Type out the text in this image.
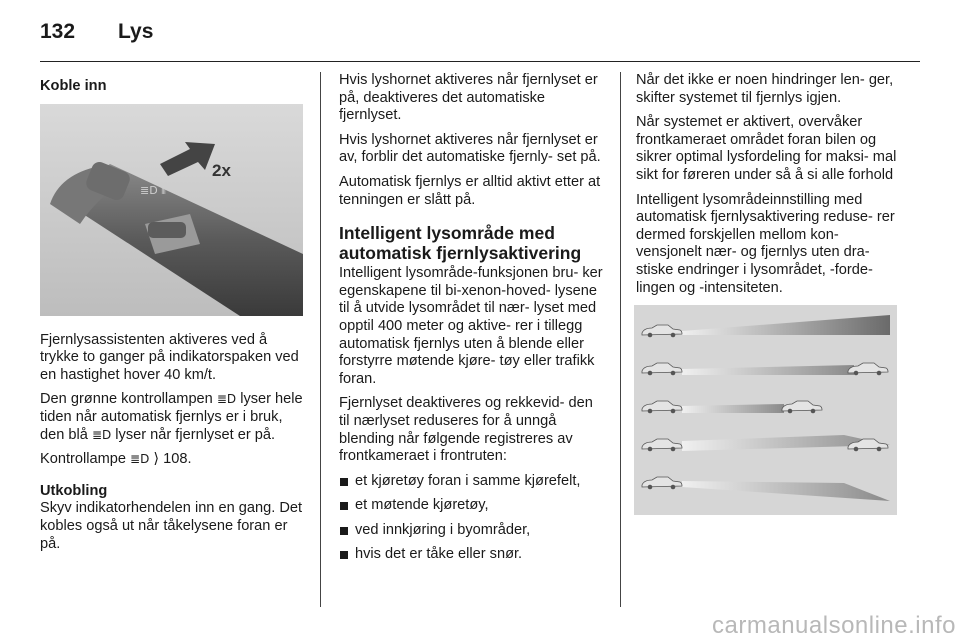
132 Lys
Koble inn
≣D ⦀
2x

Fjernlysassistenten aktiveres ved å trykke to ganger på indikatorspaken ved en hastighet hover 40 km/t.

Den grønne kontrollampen ≣D lyser hele tiden når automatisk fjernlys er i bruk, den blå ≣D lyser når fjernlyset er på.

Kontrollampe ≣D ⟩ 108.

Utkobling

Skyv indikatorhendelen inn en gang. Det kobles også ut når tåkelysene foran er på.

Hvis lyshornet aktiveres når fjernlyset er på, deaktiveres det automatiske fjernlyset.

Hvis lyshornet aktiveres når fjernlyset er av, forblir det automatiske fjernly- set på.

Automatisk fjernlys er alltid aktivt etter at tenningen er slått på.

Intelligent lysområde med automatisk fjernlysaktivering

Intelligent lysområde-funksjonen bru- ker egenskapene til bi-xenon-hoved- lysene til å utvide lysområdet til nær- lyset med opptil 400 meter og aktive- rer i tillegg automatisk fjernlys uten å blende eller forstyrre møtende kjøre- tøy eller trafikk foran.

Fjernlyset deaktiveres og rekkevid- den til nærlyset reduseres for å unngå blending når følgende registreres av frontkameraet i frontruten:

et kjøretøy foran i samme kjørefelt,
et møtende kjøretøy,
ved innkjøring i byområder,
hvis det er tåke eller snør.

Når det ikke er noen hindringer len- ger, skifter systemet til fjernlys igjen.

Når systemet er aktivert, overvåker frontkameraet området foran bilen og sikrer optimal lysfordeling for maksi- mal sikt for føreren under så å si alle forhold

Intelligent lysområdeinnstilling med automatisk fjernlysaktivering reduse- rer dermed forskjellen mellom kon- vensjonelt nær- og fjernlys uten dra- stiske endringer i lysområdet, -forde- lingen og -intensiteten.

carmanualsonline.info
